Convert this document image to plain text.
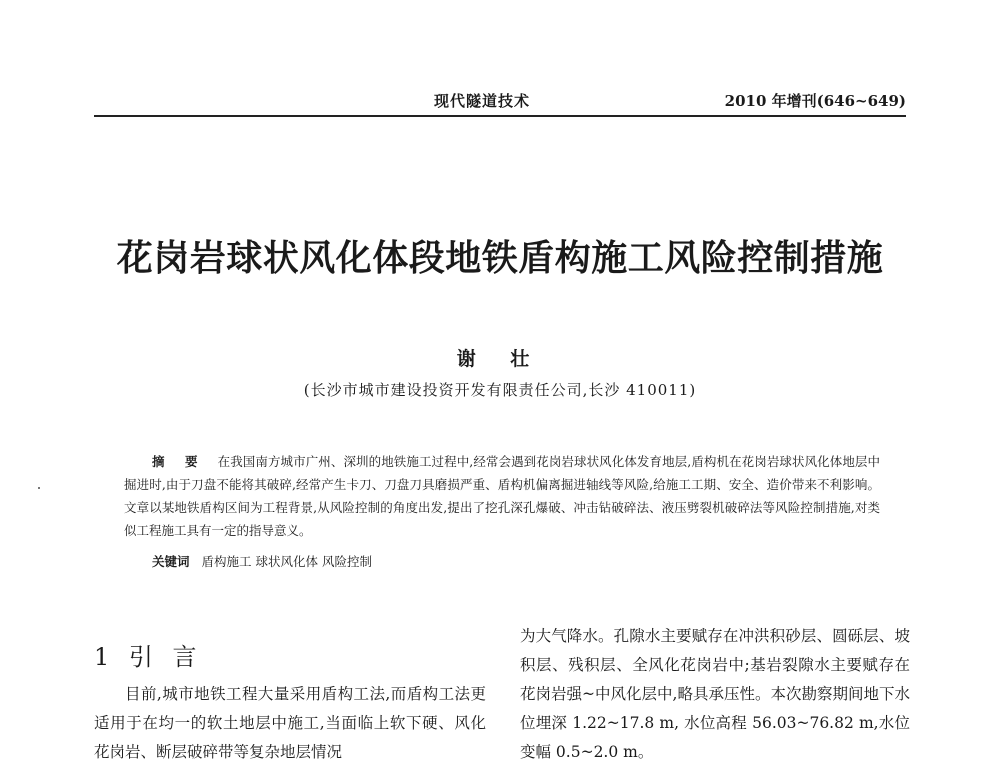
现代隧道技术	2010 年增刊(646~649)
花岗岩球状风化体段地铁盾构施工风险控制措施
谢 壮
(长沙市城市建设投资开发有限责任公司,长沙 410011)
摘 要 在我国南方城市广州、深圳的地铁施工过程中,经常会遇到花岗岩球状风化体发育地层,盾构机在花岗岩球状风化体地层中掘进时,由于刀盘不能将其破碎,经常产生卡刀、刀盘刀具磨损严重、盾构机偏离掘进轴线等风险,给施工工期、安全、造价带来不利影响。文章以某地铁盾构区间为工程背景,从风险控制的角度出发,提出了挖孔深孔爆破、冲击钻破碎法、液压劈裂机破碎法等风险控制措施,对类似工程施工具有一定的指导意义。
关键词 盾构施工 球状风化体 风险控制
1 引 言

目前,城市地铁工程大量采用盾构工法,而盾构工法更适用于在均一的软土地层中施工,当面临上软下硬、风化花岗岩、断层破碎带等复杂地层情况

为大气降水。孔隙水主要赋存在冲洪积砂层、圆砾层、坡积层、残积层、全风化花岗岩中;基岩裂隙水主要赋存在花岗岩强~中风化层中,略具承压性。本次勘察期间地下水位埋深 1.22~17.8 m, 水位高程 56.03~76.82 m,水位变幅 0.5~2.0 m。
